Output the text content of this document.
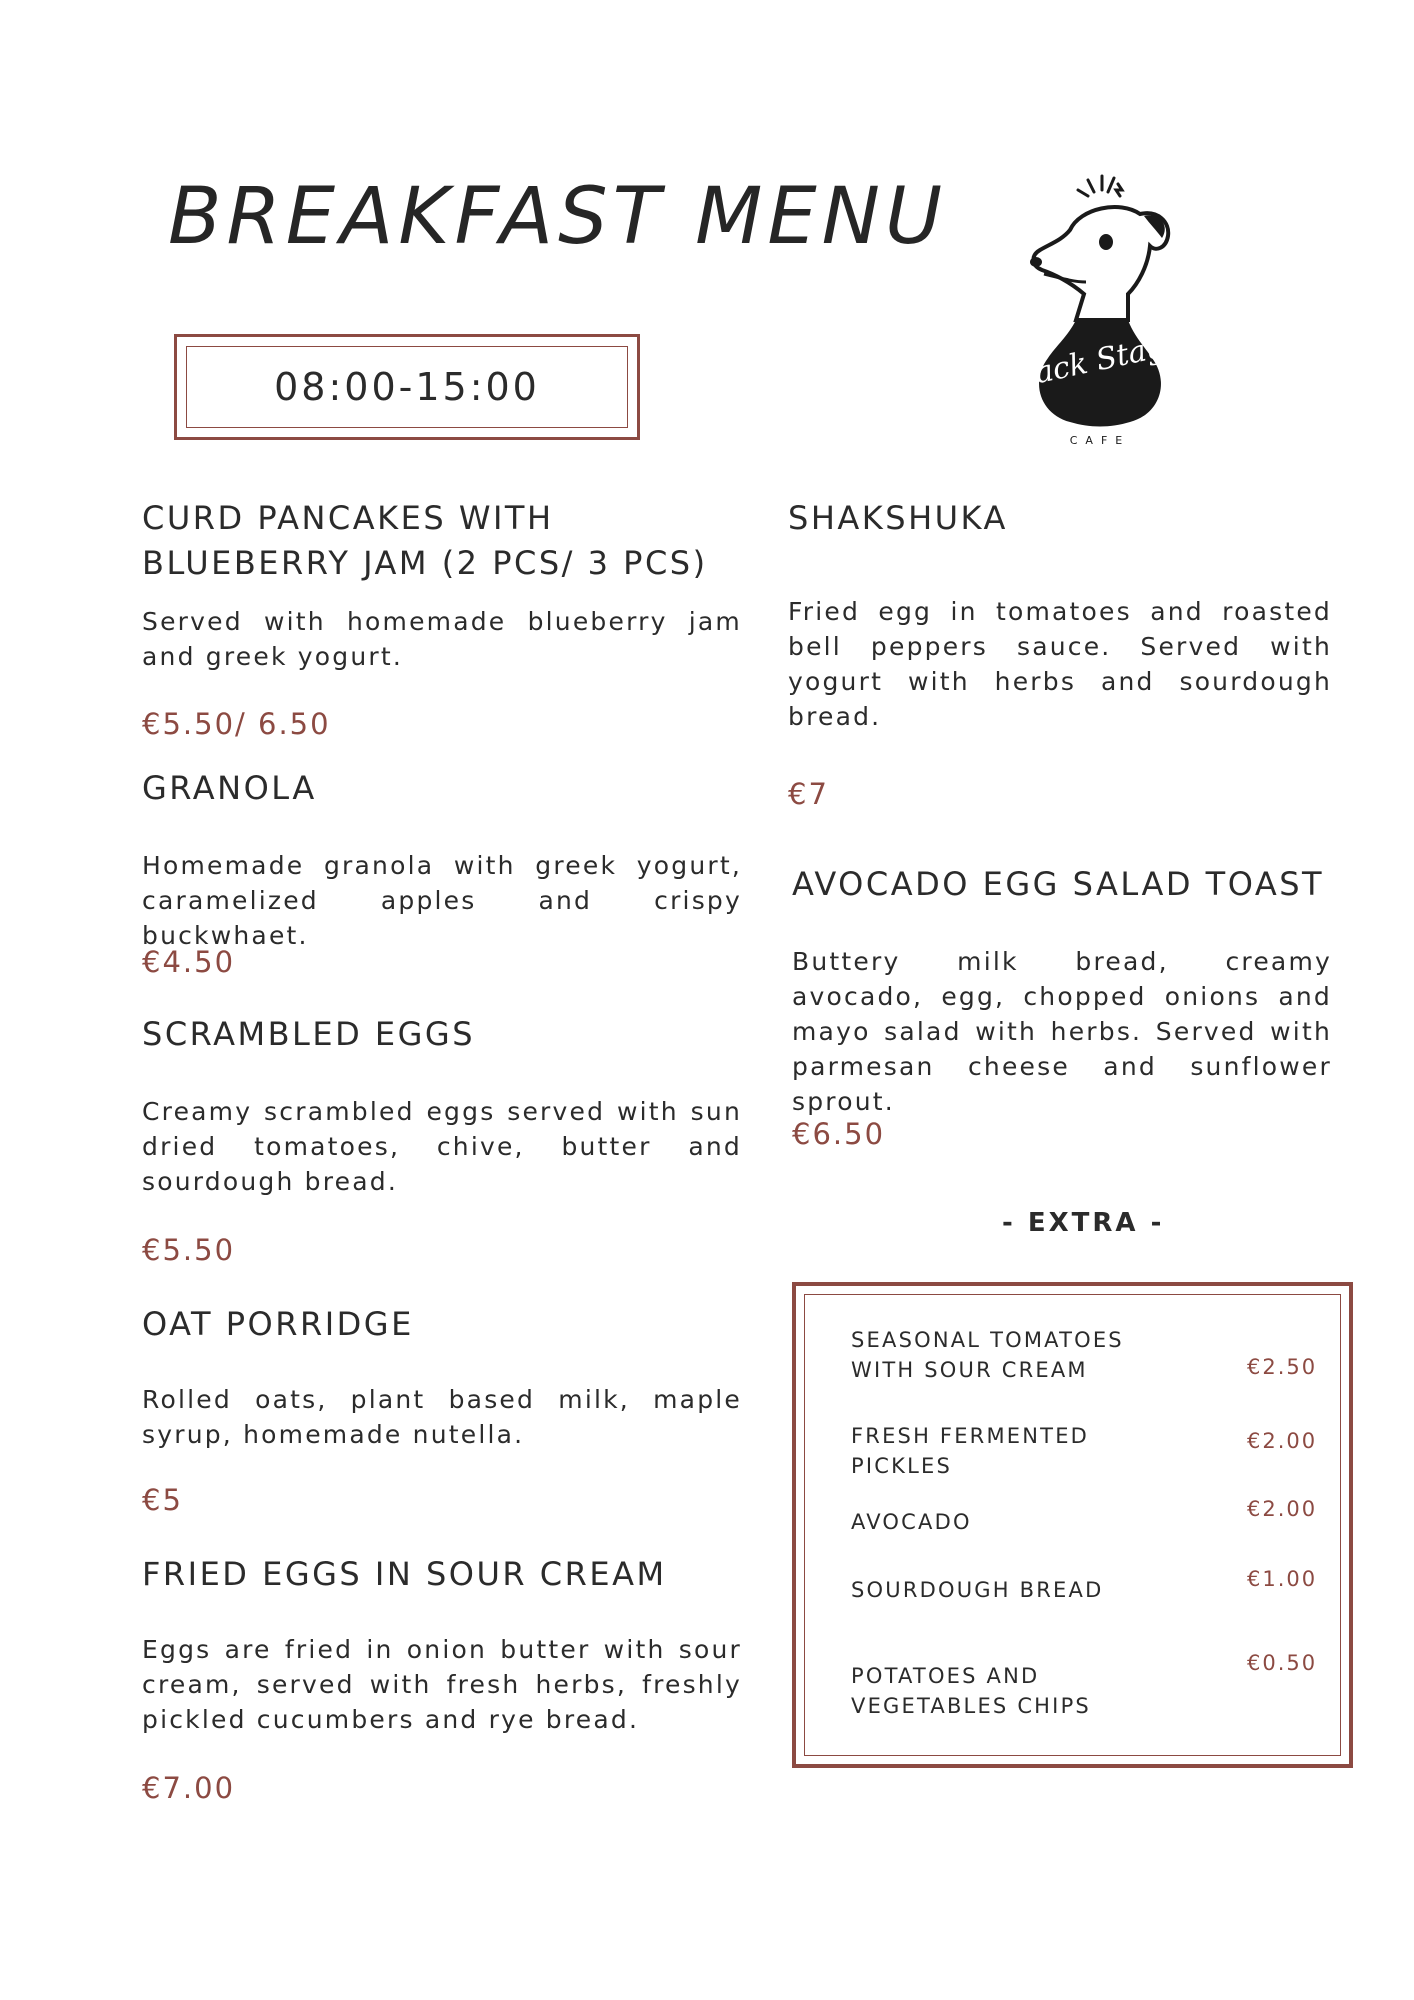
BREAKFAST MENU
08:00-15:00	Back Stage
CAFE

CURD PANCAKES WITH

BLUEBERRY JAM (2 PCS/ 3 PCS)

Served with homemade blueberry jam and greek yogurt.

€5.50/ 6.50

GRANOLA

Homemade granola with greek yogurt, caramelized apples and crispy buckwhaet.

€4.50

SCRAMBLED EGGS

Creamy scrambled eggs served with sun dried tomatoes, chive, butter and sourdough bread.

€5.50

OAT PORRIDGE

Rolled oats, plant based milk, maple syrup, homemade nutella.

€5

FRIED EGGS IN SOUR CREAM

Eggs are fried in onion butter with sour cream, served with fresh herbs, freshly pickled cucumbers and rye bread.

€7.00

SHAKSHUKA

Fried egg in tomatoes and roasted bell peppers sauce. Served with yogurt with herbs and sourdough bread.

€7

AVOCADO EGG SALAD TOAST

Buttery milk bread, creamy avocado, egg, chopped onions and mayo salad with herbs. Served with parmesan cheese and sunflower sprout.

€6.50

- EXTRA -
SEASONAL TOMATOES
WITH SOUR CREAM	€2.50
FRESH FERMENTED
PICKLES
€2.00
AVOCADO
€2.00
SOURDOUGH BREAD	€1.00
POTATOES AND
VEGETABLES CHIPS
€0.50
